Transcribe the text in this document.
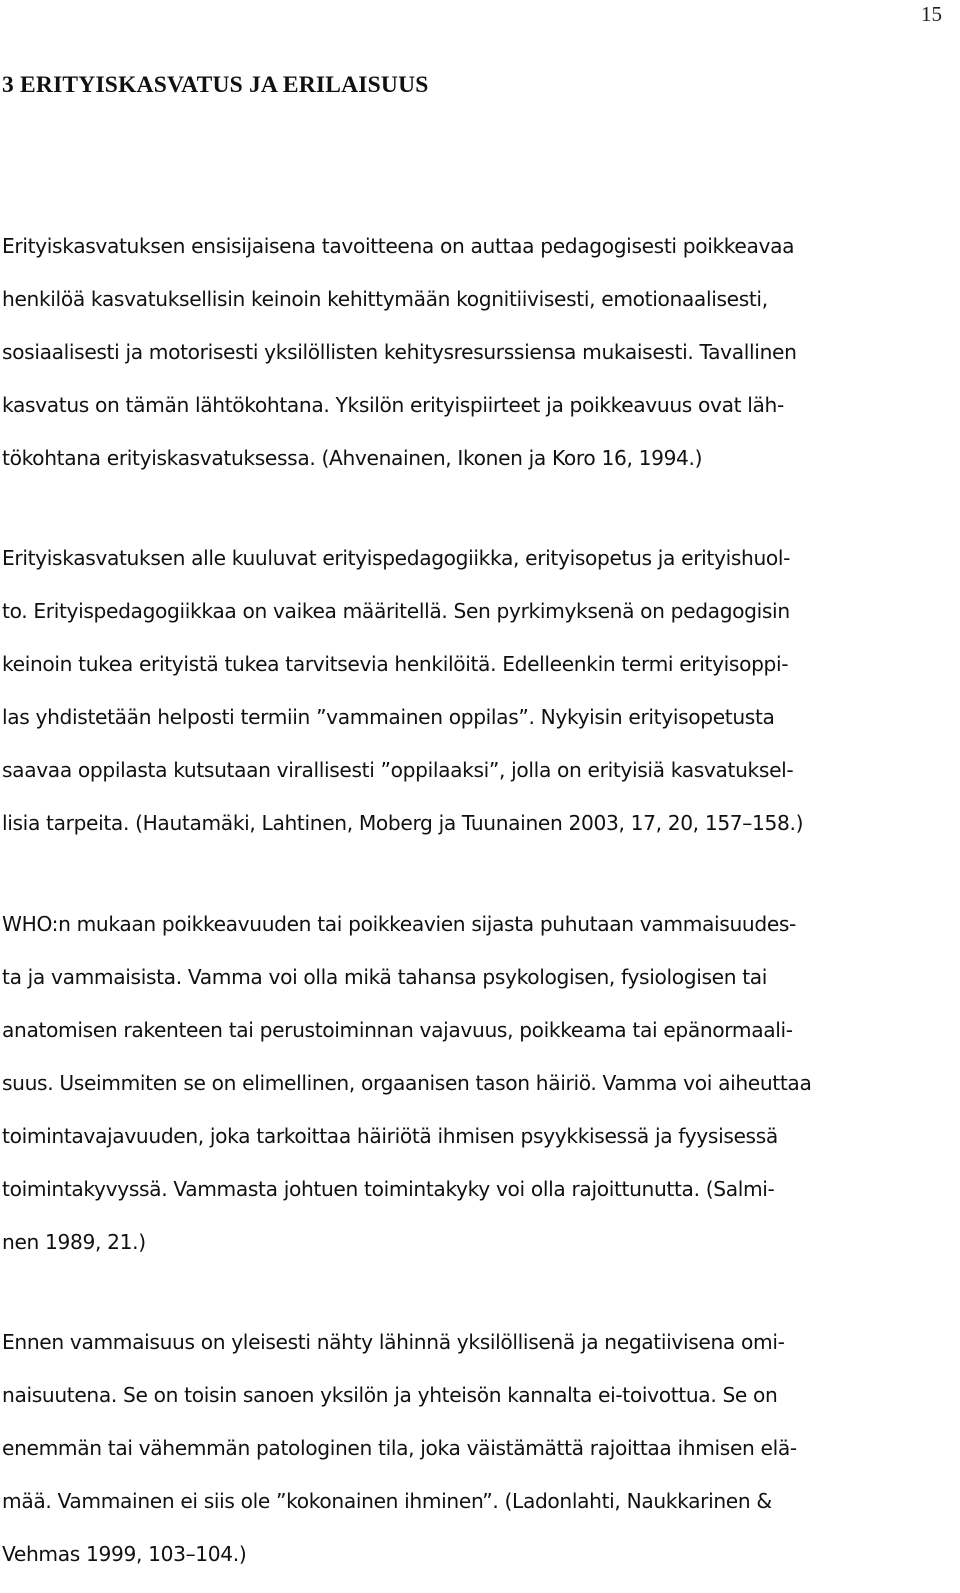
15
3 ERITYISKASVATUS JA ERILAISUUS
Erityiskasvatuksen ensisijaisena tavoitteena on auttaa pedagogisesti poikkeavaa
henkilöä kasvatuksellisin keinoin kehittymään kognitiivisesti, emotionaalisesti,
sosiaalisesti ja motorisesti yksilöllisten kehitysresurssiensa mukaisesti. Tavallinen
kasvatus on tämän lähtökohtana. Yksilön erityispiirteet ja poikkeavuus ovat läh-
tökohtana erityiskasvatuksessa. (Ahvenainen, Ikonen ja Koro 16, 1994.)
Erityiskasvatuksen alle kuuluvat erityispedagogiikka, erityisopetus ja erityishuol-
to. Erityispedagogiikkaa on vaikea määritellä. Sen pyrkimyksenä on pedagogisin
keinoin tukea erityistä tukea tarvitsevia henkilöitä. Edelleenkin termi erityisoppi-
las yhdistetään helposti termiin ”vammainen oppilas”. Nykyisin erityisopetusta
saavaa oppilasta kutsutaan virallisesti ”oppilaaksi”, jolla on erityisiä kasvatuksel-
lisia tarpeita. (Hautamäki, Lahtinen, Moberg ja Tuunainen 2003, 17, 20, 157–158.)
WHO:n mukaan poikkeavuuden tai poikkeavien sijasta puhutaan vammaisuudes-
ta ja vammaisista. Vamma voi olla mikä tahansa psykologisen, fysiologisen tai
anatomisen rakenteen tai perustoiminnan vajavuus, poikkeama tai epänormaali-
suus. Useimmiten se on elimellinen, orgaanisen tason häiriö. Vamma voi aiheuttaa
toimintavajavuuden, joka tarkoittaa häiriötä ihmisen psyykkisessä ja fyysisessä
toimintakyvyssä. Vammasta johtuen toimintakyky voi olla rajoittunutta. (Salmi-
nen 1989, 21.)
Ennen vammaisuus on yleisesti nähty lähinnä yksilöllisenä ja negatiivisena omi-
naisuutena. Se on toisin sanoen yksilön ja yhteisön kannalta ei-toivottua. Se on
enemmän tai vähemmän patologinen tila, joka väistämättä rajoittaa ihmisen elä-
mää. Vammainen ei siis ole ”kokonainen ihminen”. (Ladonlahti, Naukkarinen &
Vehmas 1999, 103–104.)
